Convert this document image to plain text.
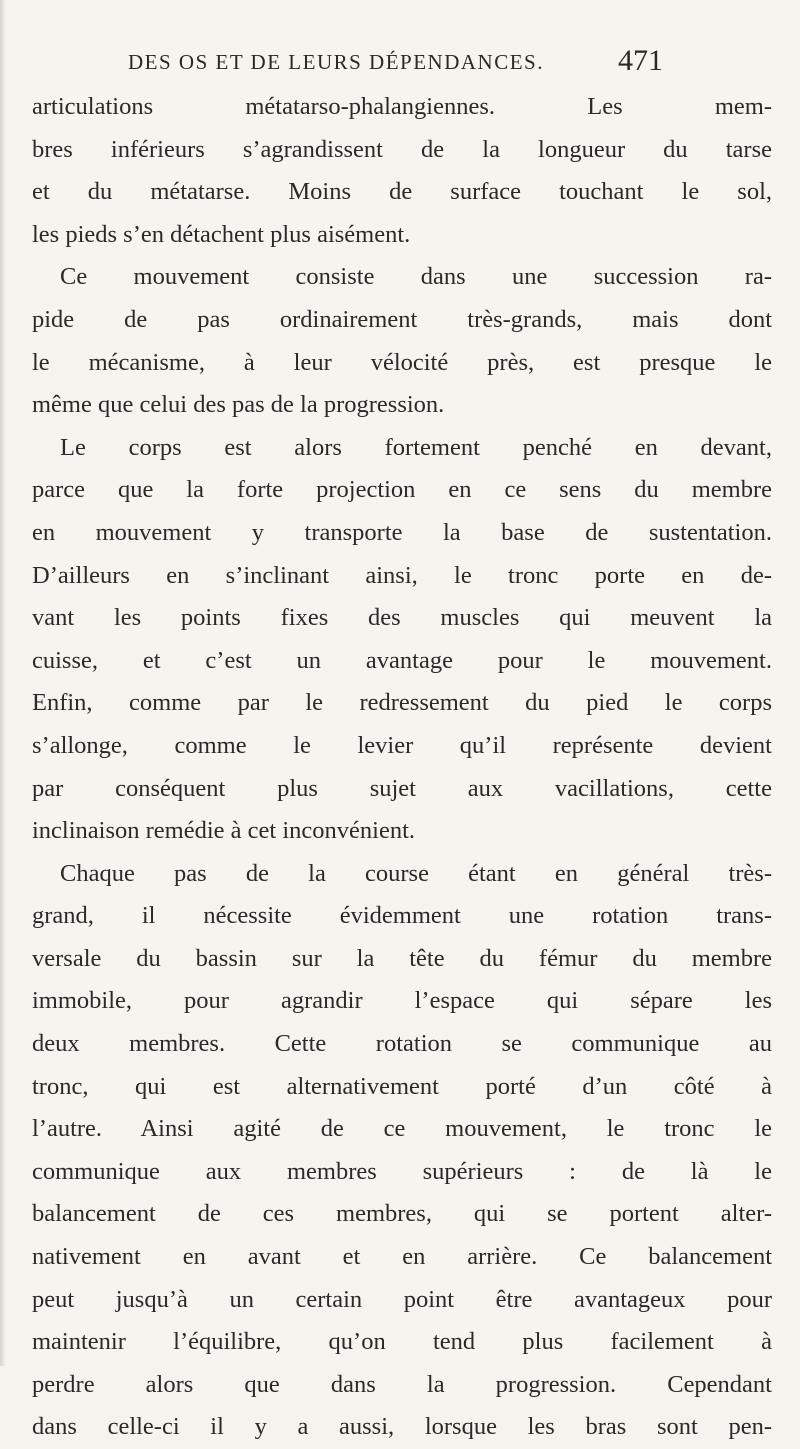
DES OS ET DE LEURS DÉPENDANCES. 471
articulations métatarso-phalangiennes. Les mem-
bres inférieurs s’agrandissent de la longueur du tarse
et du métatarse. Moins de surface touchant le sol,
les pieds s’en détachent plus aisément.
Ce mouvement consiste dans une succession ra-
pide de pas ordinairement très-grands, mais dont
le mécanisme, à leur vélocité près, est presque le
même que celui des pas de la progression.
Le corps est alors fortement penché en devant,
parce que la forte projection en ce sens du membre
en mouvement y transporte la base de sustentation.
D’ailleurs en s’inclinant ainsi, le tronc porte en de-
vant les points fixes des muscles qui meuvent la
cuisse, et c’est un avantage pour le mouvement.
Enfin, comme par le redressement du pied le corps
s’allonge, comme le levier qu’il représente devient
par conséquent plus sujet aux vacillations, cette
inclinaison remédie à cet inconvénient.
Chaque pas de la course étant en général très-
grand, il nécessite évidemment une rotation trans-
versale du bassin sur la tête du fémur du membre
immobile, pour agrandir l’espace qui sépare les
deux membres. Cette rotation se communique au
tronc, qui est alternativement porté d’un côté à
l’autre. Ainsi agité de ce mouvement, le tronc le
communique aux membres supérieurs : de là le
balancement de ces membres, qui se portent alter-
nativement en avant et en arrière. Ce balancement
peut jusqu’à un certain point être avantageux pour
maintenir l’équilibre, qu’on tend plus facilement à
perdre alors que dans la progression. Cependant
dans celle-ci il y a aussi, lorsque les bras sont pen-
